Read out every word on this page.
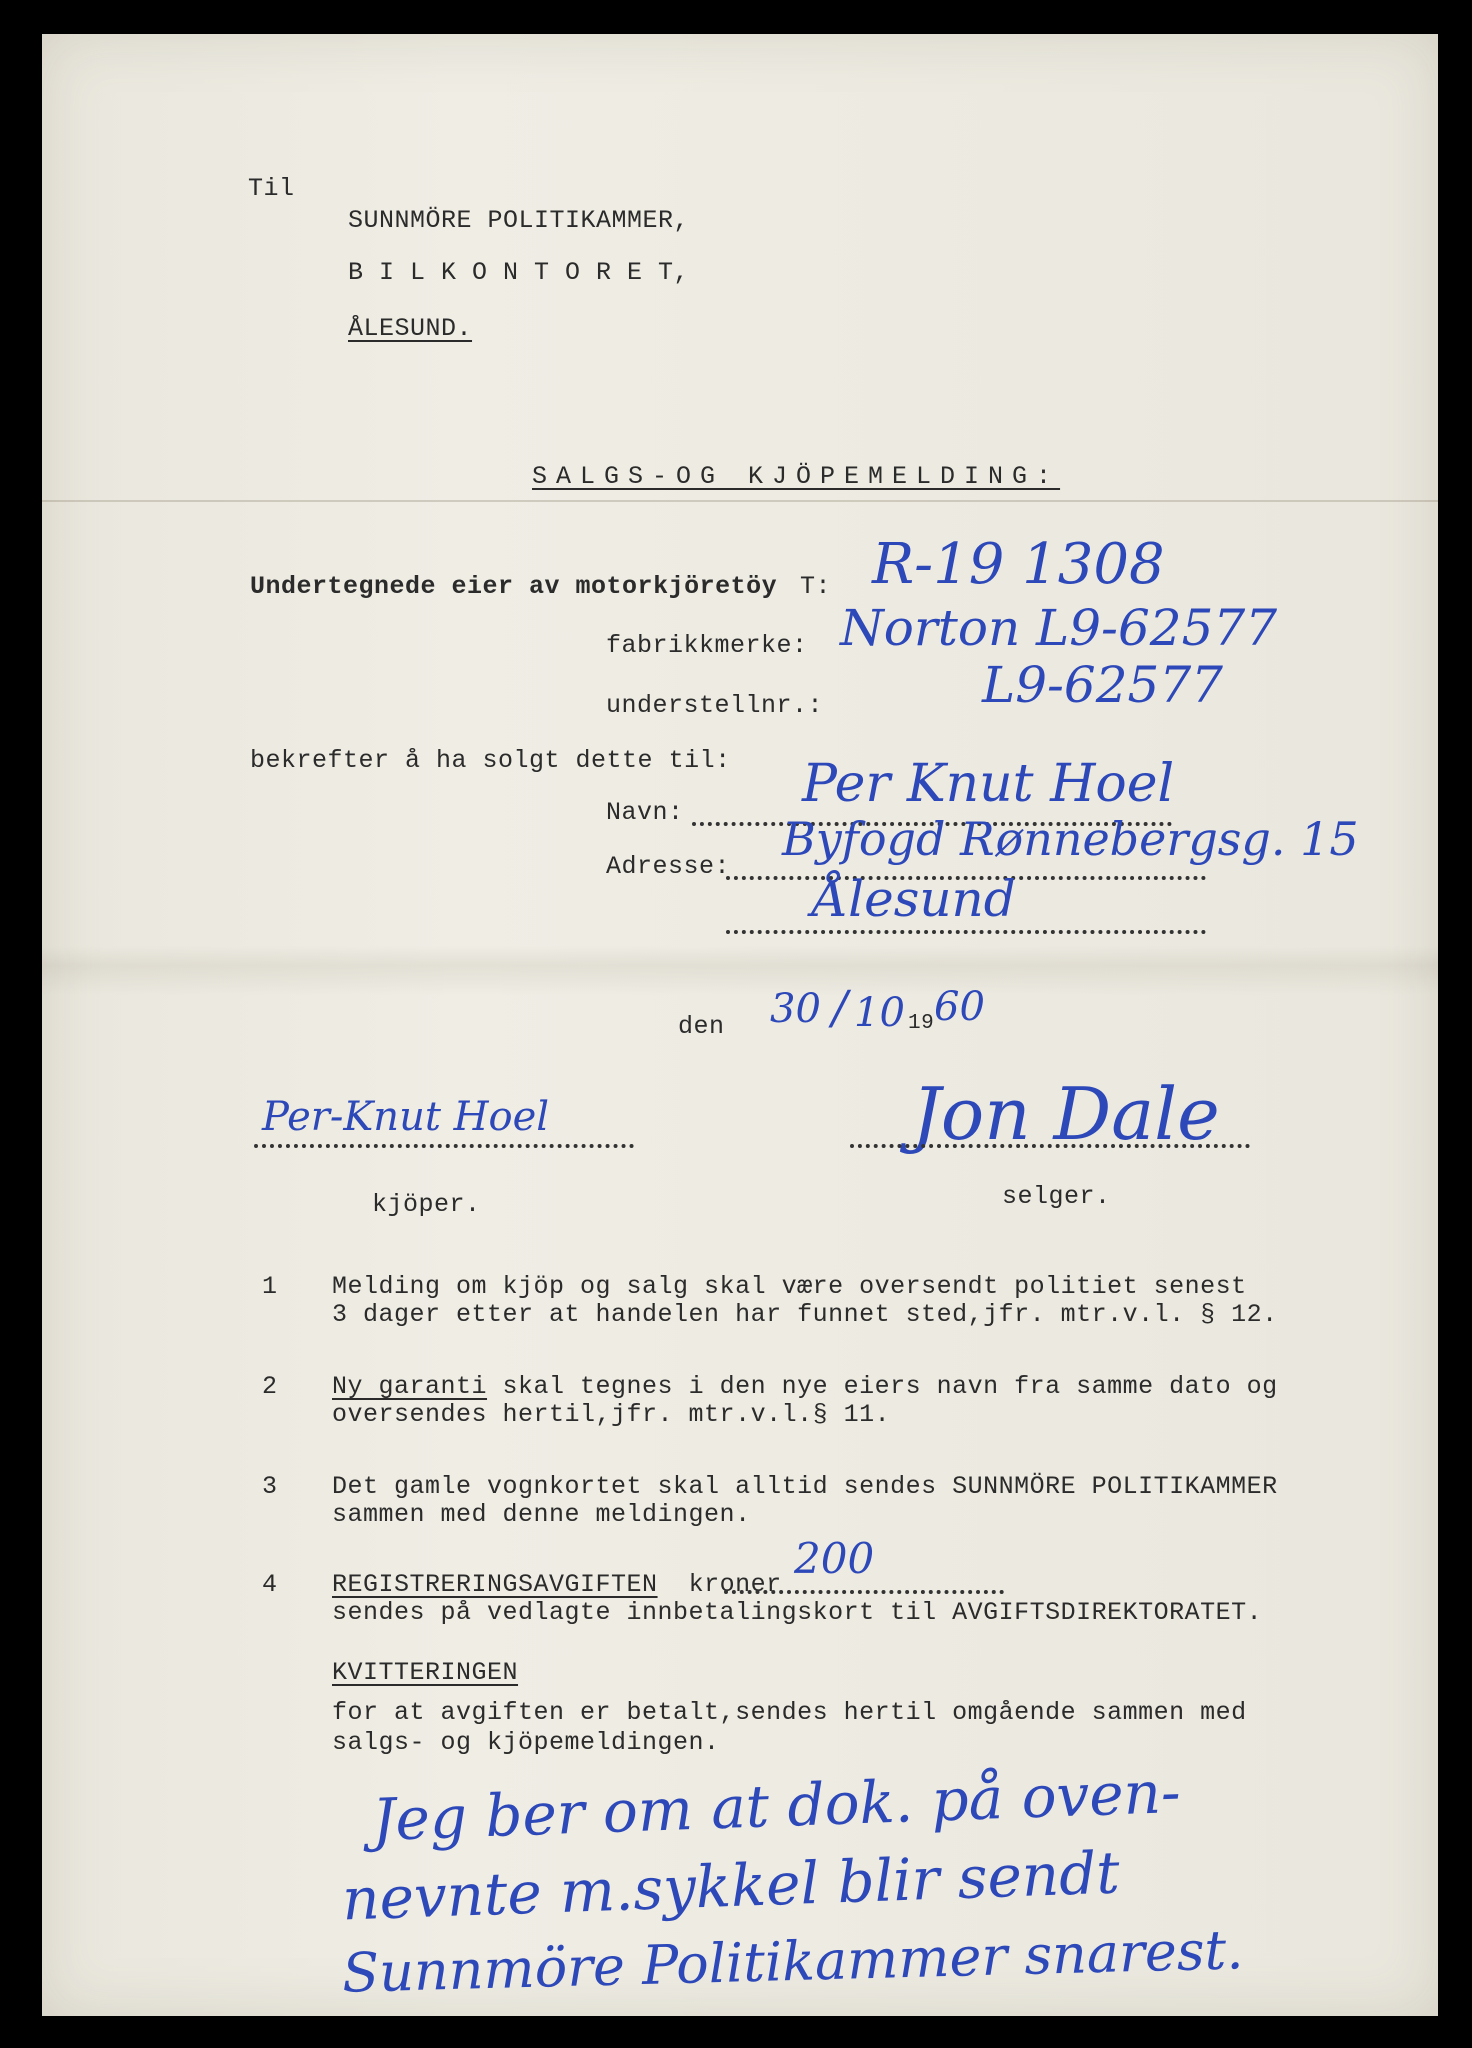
Til
SUNNMÖRE POLITIKAMMER,
B I L K O N T O R E T,
ÅLESUND.
SALGS-OG KJÖPEMELDING:
Undertegnede eier av motorkjöretöy T: R-19 1308
fabrikkmerke: Norton L9-62577
understellnr.:	L9-62577
bekrefter å ha solgt dette til:
Navn: Per Knut Hoel
Adresse:
Byfogd Rønnebergsg. 15
Ålesund
den 30 / 10 19 60
Per-Knut Hoel
kjöper.
Jon Dale
selger.
1 Melding om kjöp og salg skal være oversendt politiet senest
3 dager etter at handelen har funnet sted,jfr. mtr.v.l. § 12.
2 Ny garanti skal tegnes i den nye eiers navn fra samme dato og
oversendes hertil,jfr. mtr.v.l.§ 11.
3 Det gamle vognkortet skal alltid sendes SUNNMÖRE POLITIKAMMER
sammen med denne meldingen.
4 REGISTRERINGSAVGIFTEN  kroner
200
sendes på vedlagte innbetalingskort til AVGIFTSDIREKTORATET.
KVITTERINGEN
for at avgiften er betalt,sendes hertil omgående sammen med
salgs- og kjöpemeldingen.
Jeg ber om at dok. på oven-
nevnte m.sykkel blir sendt
Sunnmöre Politikammer snarest.
